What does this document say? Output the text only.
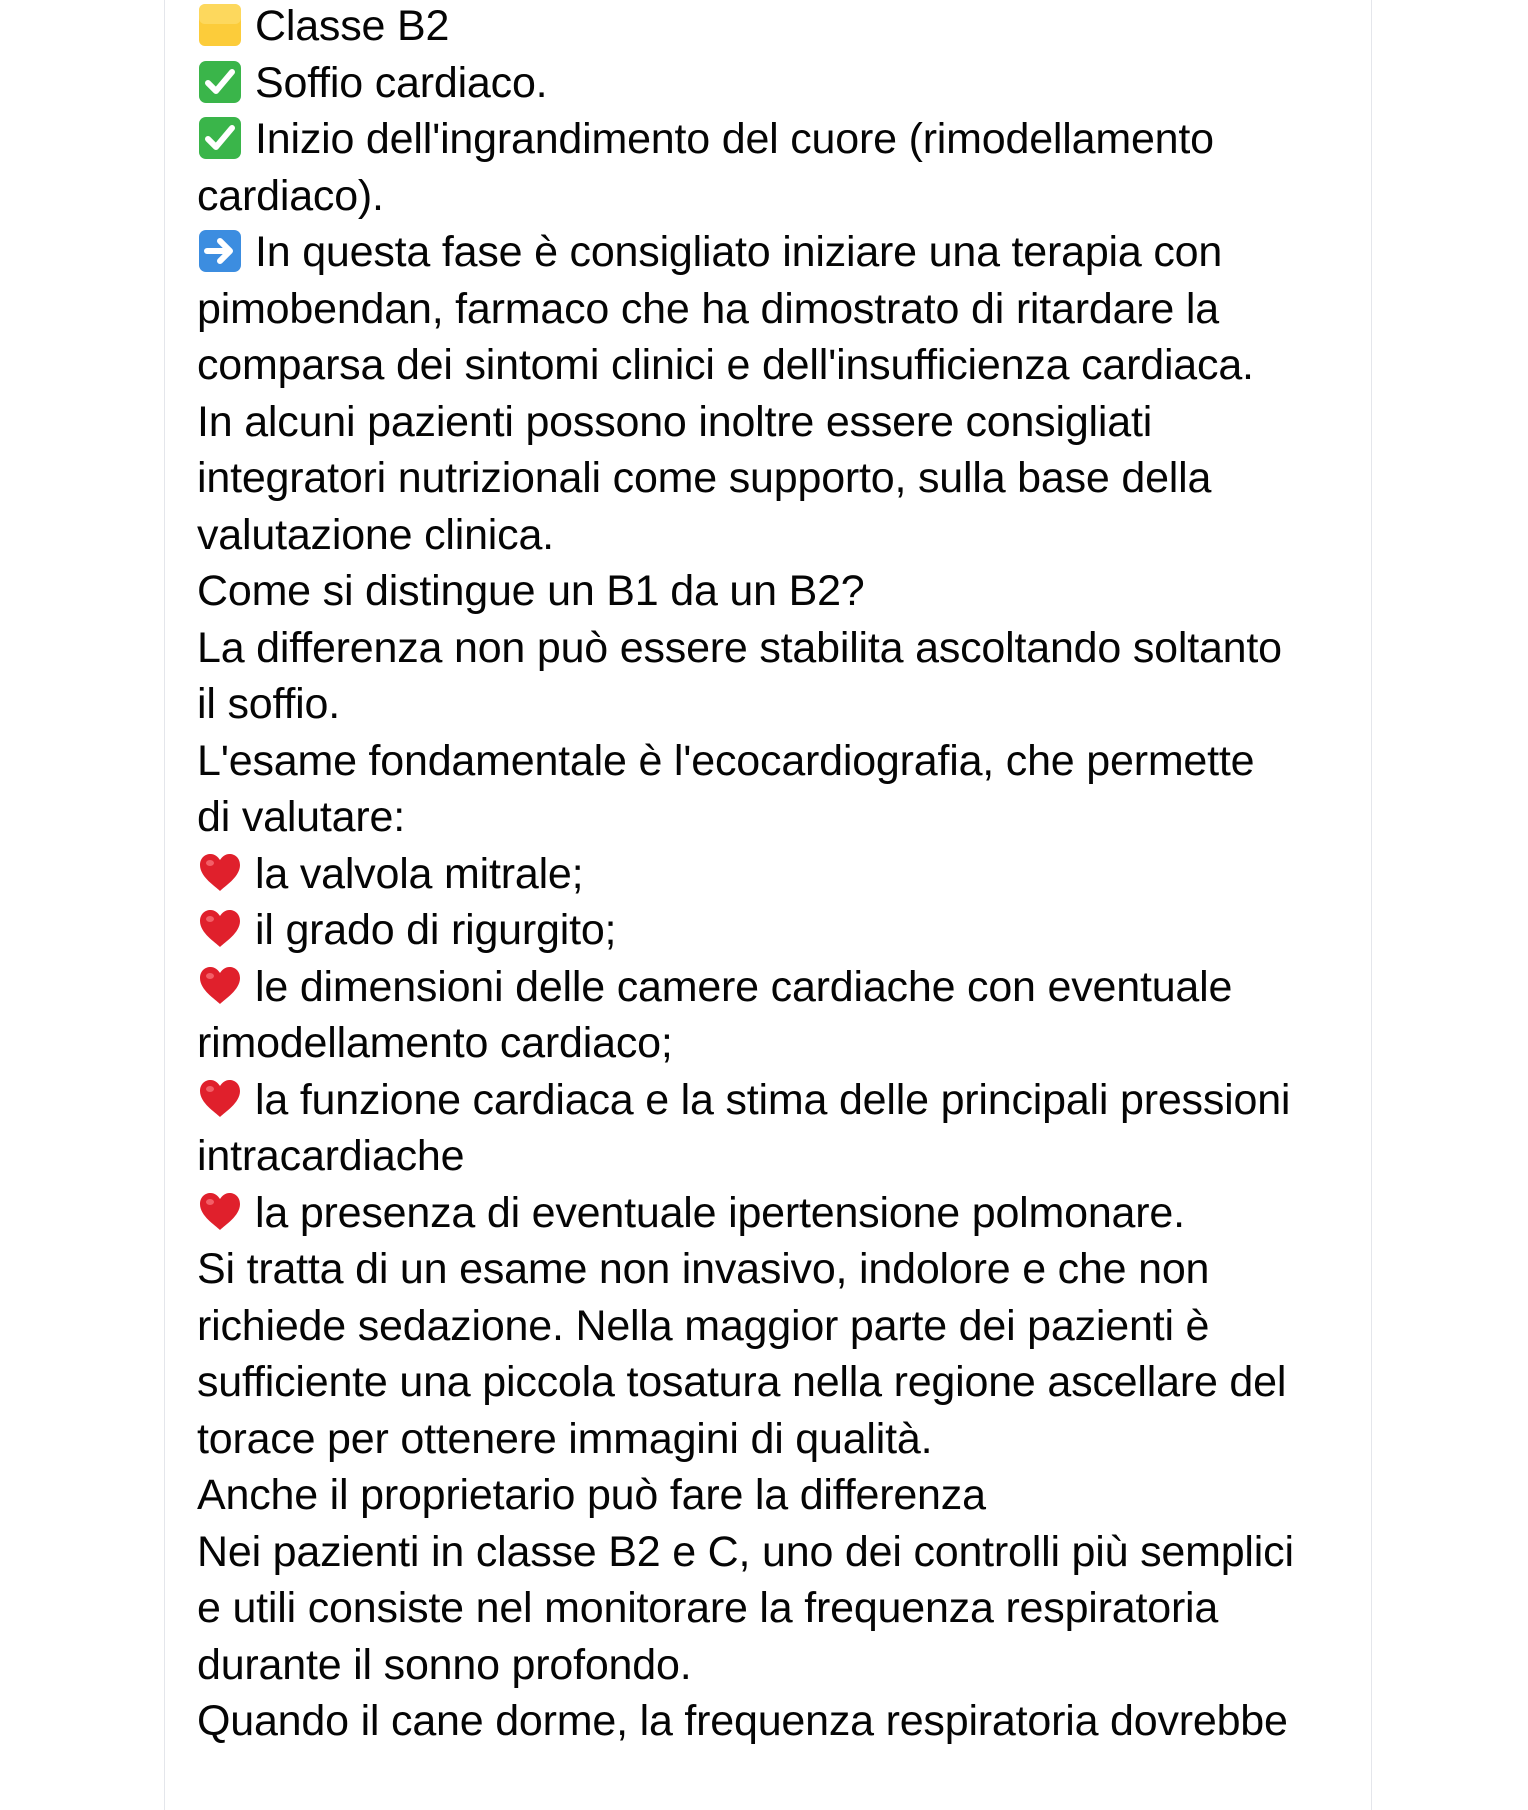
Classe B2
Soffio cardiaco.
Inizio dell'ingrandimento del cuore (rimodellamento
cardiaco).
In questa fase è consigliato iniziare una terapia con
pimobendan, farmaco che ha dimostrato di ritardare la
comparsa dei sintomi clinici e dell'insufficienza cardiaca.
In alcuni pazienti possono inoltre essere consigliati
integratori nutrizionali come supporto, sulla base della
valutazione clinica.
Come si distingue un B1 da un B2?
La differenza non può essere stabilita ascoltando soltanto
il soffio.
L'esame fondamentale è l'ecocardiografia, che permette
di valutare:
la valvola mitrale;
il grado di rigurgito;
le dimensioni delle camere cardiache con eventuale
rimodellamento cardiaco;
la funzione cardiaca e la stima delle principali pressioni
intracardiache
la presenza di eventuale ipertensione polmonare.
Si tratta di un esame non invasivo, indolore e che non
richiede sedazione. Nella maggior parte dei pazienti è
sufficiente una piccola tosatura nella regione ascellare del
torace per ottenere immagini di qualità.
Anche il proprietario può fare la differenza
Nei pazienti in classe B2 e C, uno dei controlli più semplici
e utili consiste nel monitorare la frequenza respiratoria
durante il sonno profondo.
Quando il cane dorme, la frequenza respiratoria dovrebbe
